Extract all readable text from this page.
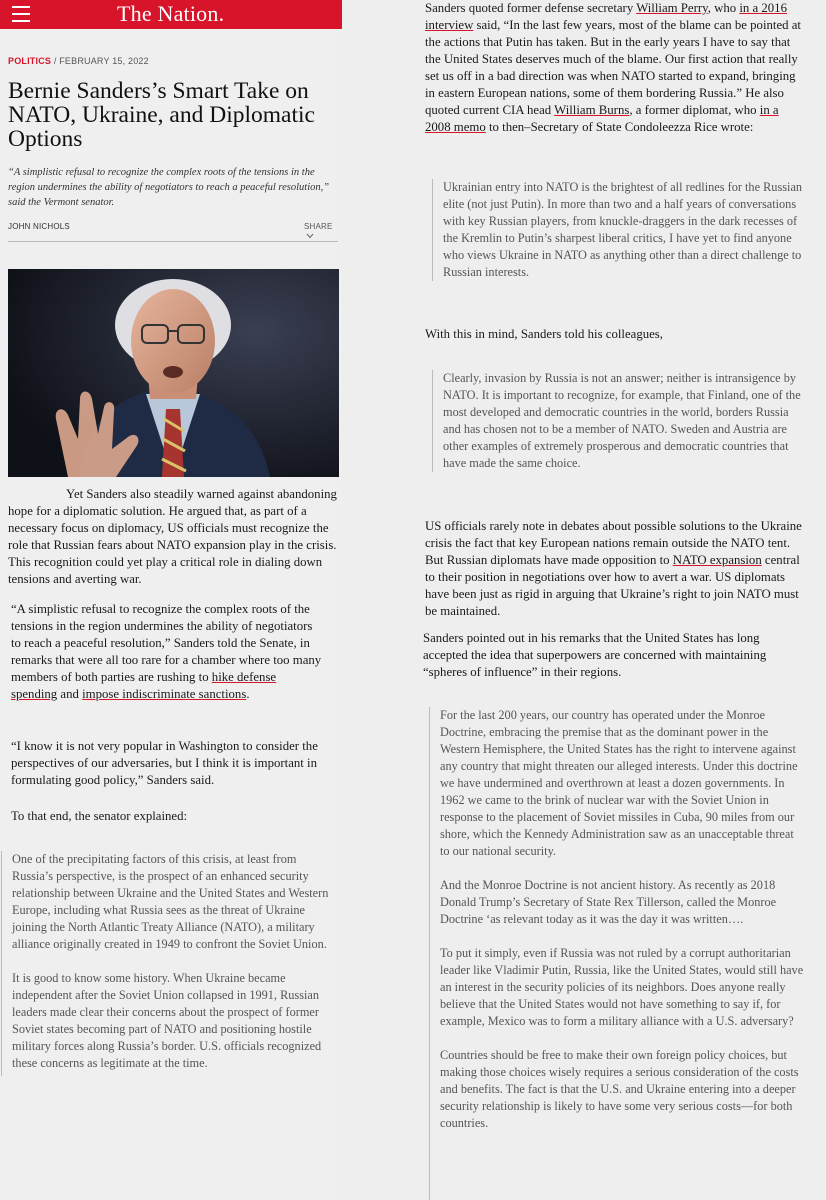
The Nation.
POLITICS / FEBRUARY 15, 2022
Bernie Sanders’s Smart Take on NATO, Ukraine, and Diplomatic Options

“A simplistic refusal to recognize the complex roots of the tensions in the region undermines the ability of negotiators to reach a peaceful resolution,” said the Vermont senator.

JOHN NICHOLS	SHARE

Yet Sanders also steadily warned against abandoning hope for a diplomatic solution. He argued that, as part of a necessary focus on diplomacy, US officials must recognize the role that Russian fears about NATO expansion play in the crisis. This recognition could yet play a critical role in dialing down tensions and averting war.

“A simplistic refusal to recognize the complex roots of the tensions in the region undermines the ability of negotiators to reach a peaceful resolution,” Sanders told the Senate, in remarks that were all too rare for a chamber where too many members of both parties are rushing to hike defense spending and impose indiscriminate sanctions.

“I know it is not very popular in Washington to consider the perspectives of our adversaries, but I think it is important in formulating good policy,” Sanders said.

To that end, the senator explained:

One of the precipitating factors of this crisis, at least from Russia’s perspective, is the prospect of an enhanced security relationship between Ukraine and the United States and Western Europe, including what Russia sees as the threat of Ukraine joining the North Atlantic Treaty Alliance (NATO), a military alliance originally created in 1949 to confront the Soviet Union.

It is good to know some history. When Ukraine became independent after the Soviet Union collapsed in 1991, Russian leaders made clear their concerns about the prospect of former Soviet states becoming part of NATO and positioning hostile military forces along Russia’s border. U.S. officials recognized these concerns as legitimate at the time.

Sanders quoted former defense secretary William Perry, who in a 2016 interview said, “In the last few years, most of the blame can be pointed at the actions that Putin has taken. But in the early years I have to say that the United States deserves much of the blame. Our first action that really set us off in a bad direction was when NATO started to expand, bringing in eastern European nations, some of them bordering Russia.” He also quoted current CIA head William Burns, a former diplomat, who in a 2008 memo to then–Secretary of State Condoleezza Rice wrote:

Ukrainian entry into NATO is the brightest of all redlines for the Russian elite (not just Putin). In more than two and a half years of conversations with key Russian players, from knuckle-draggers in the dark recesses of the Kremlin to Putin’s sharpest liberal critics, I have yet to find anyone who views Ukraine in NATO as anything other than a direct challenge to Russian interests.

With this in mind, Sanders told his colleagues,

Clearly, invasion by Russia is not an answer; neither is intransigence by NATO. It is important to recognize, for example, that Finland, one of the most developed and democratic countries in the world, borders Russia and has chosen not to be a member of NATO. Sweden and Austria are other examples of extremely prosperous and democratic countries that have made the same choice.

US officials rarely note in debates about possible solutions to the Ukraine crisis the fact that key European nations remain outside the NATO tent. But Russian diplomats have made opposition to NATO expansion central to their position in negotiations over how to avert a war. US diplomats have been just as rigid in arguing that Ukraine’s right to join NATO must be maintained.

Sanders pointed out in his remarks that the United States has long accepted the idea that superpowers are concerned with maintaining “spheres of influence” in their regions.

For the last 200 years, our country has operated under the Monroe Doctrine, embracing the premise that as the dominant power in the Western Hemisphere, the United States has the right to intervene against any country that might threaten our alleged interests. Under this doctrine we have undermined and overthrown at least a dozen governments. In 1962 we came to the brink of nuclear war with the Soviet Union in response to the placement of Soviet missiles in Cuba, 90 miles from our shore, which the Kennedy Administration saw as an unacceptable threat to our national security.

And the Monroe Doctrine is not ancient history. As recently as 2018 Donald Trump’s Secretary of State Rex Tillerson, called the Monroe Doctrine ‘as relevant today as it was the day it was written….

To put it simply, even if Russia was not ruled by a corrupt authoritarian leader like Vladimir Putin, Russia, like the United States, would still have an interest in the security policies of its neighbors. Does anyone really believe that the United States would not have something to say if, for example, Mexico was to form a military alliance with a U.S. adversary?

Countries should be free to make their own foreign policy choices, but making those choices wisely requires a serious consideration of the costs and benefits. The fact is that the U.S. and Ukraine entering into a deeper security relationship is likely to have some very serious costs—for both countries.
